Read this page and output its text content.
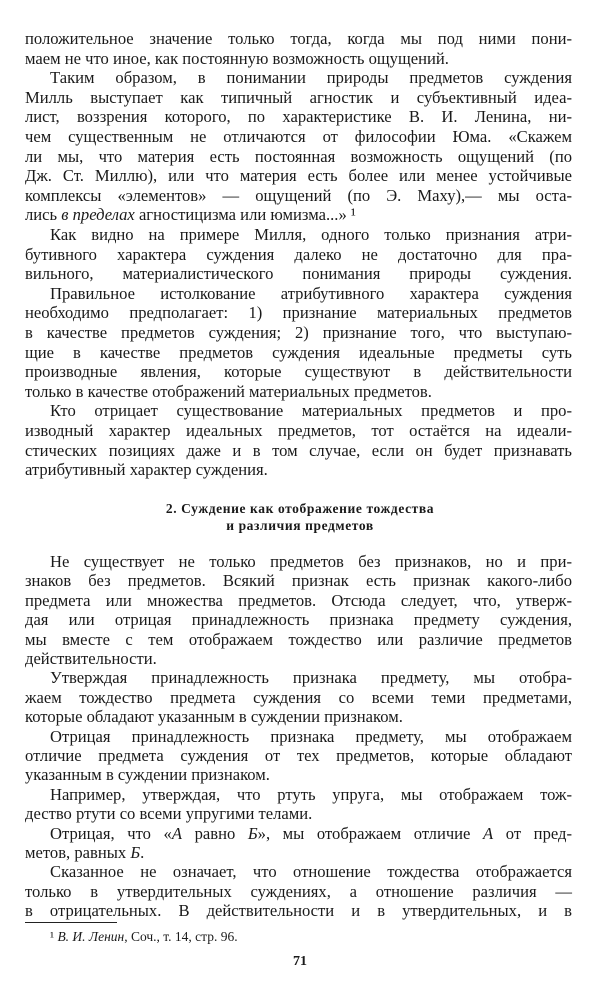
положительное значение только тогда, когда мы под ними пони-
маем не что иное, как постоянную возможность ощущений.
Таким образом, в понимании природы предметов суждения
Милль выступает как типичный агностик и субъективный идеа-
лист, воззрения которого, по характеристике В. И. Ленина, ни-
чем существенным не отличаются от философии Юма. «Скажем
ли мы, что материя есть постоянная возможность ощущений (по
Дж. Ст. Миллю), или что материя есть более или менее устойчивые
комплексы «элементов» — ощущений (по Э. Маху),— мы оста-
лись в пределах агностицизма или юмизма...» ¹
Как видно на примере Милля, одного только признания атри-
бутивного характера суждения далеко не достаточно для пра-
вильного, материалистического понимания природы суждения.
Правильное истолкование атрибутивного характера суждения
необходимо предполагает: 1) признание материальных предметов
в качестве предметов суждения; 2) признание того, что выступаю-
щие в качестве предметов суждения идеальные предметы суть
производные явления, которые существуют в действительности
только в качестве отображений материальных предметов.
Кто отрицает существование материальных предметов и про-
изводный характер идеальных предметов, тот остаётся на идеали-
стических позициях даже и в том случае, если он будет признавать
атрибутивный характер суждения.
2. Суждение как отображение тождества
и различия предметов
Не существует не только предметов без признаков, но и при-
знаков без предметов. Всякий признак есть признак какого-либо
предмета или множества предметов. Отсюда следует, что, утверж-
дая или отрицая принадлежность признака предмету суждения,
мы вместе с тем отображаем тождество или различие предметов
действительности.
Утверждая принадлежность признака предмету, мы отобра-
жаем тождество предмета суждения со всеми теми предметами,
которые обладают указанным в суждении признаком.
Отрицая принадлежность признака предмету, мы отображаем
отличие предмета суждения от тех предметов, которые обладают
указанным в суждении признаком.
Например, утверждая, что ртуть упруга, мы отображаем тож-
дество ртути со всеми упругими телами.
Отрицая, что «А равно Б», мы отображаем отличие А от пред-
метов, равных Б.
Сказанное не означает, что отношение тождества отображается
только в утвердительных суждениях, а отношение различия —
в отрицательных. В действительности и в утвердительных, и в
¹ В. И. Ленин, Соч., т. 14, стр. 96.
71
